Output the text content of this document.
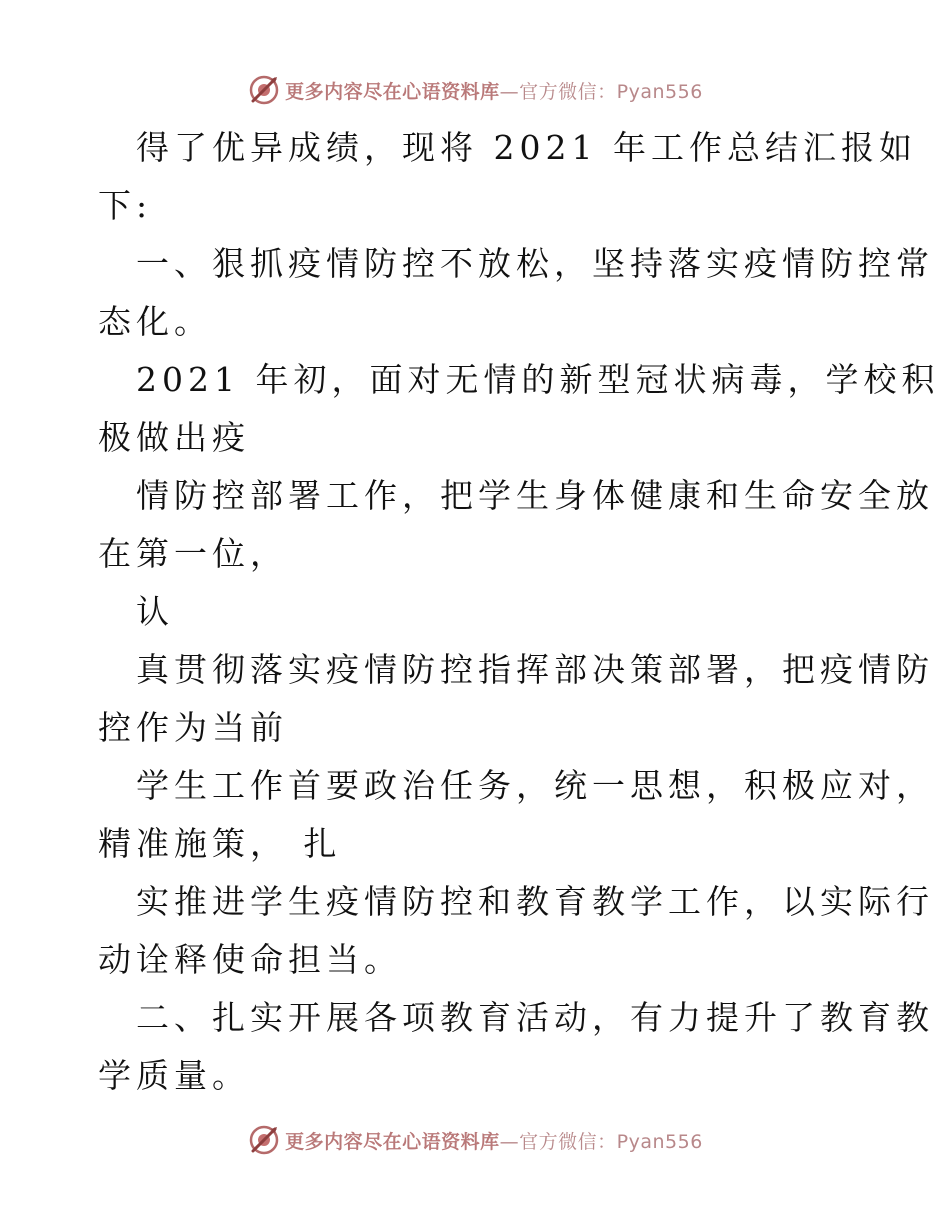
更多内容尽在心语资料库—官方微信：Pyan556
得了优异成绩，现将 2021 年工作总结汇报如
下:
一、狠抓疫情防控不放松，坚持落实疫情防控常
态化。
2021 年初，面对无情的新型冠状病毒，学校积
极做出疫
情防控部署工作，把学生身体健康和生命安全放
在第一位，
认
真贯彻落实疫情防控指挥部决策部署，把疫情防
控作为当前
学生工作首要政治任务，统一思想，积极应对，
精准施策， 扎
实推进学生疫情防控和教育教学工作，以实际行
动诠释使命担当。
二、扎实开展各项教育活动，有力提升了教育教
学质量。
更多内容尽在心语资料库—官方微信：Pyan556
